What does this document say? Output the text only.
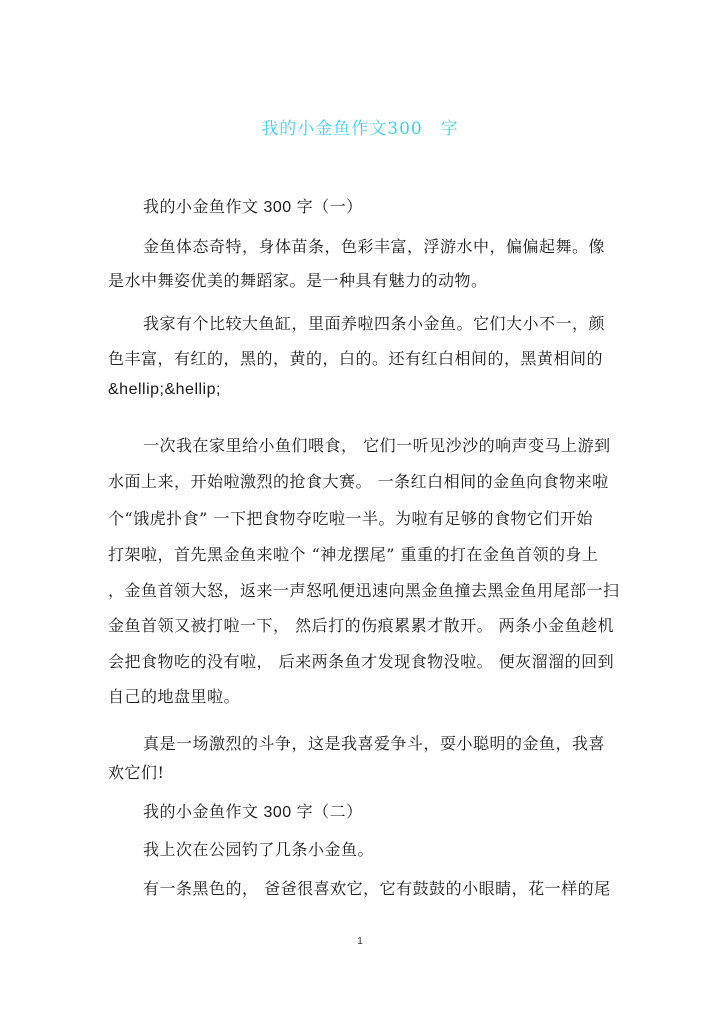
我的小金鱼作文300　字
我的小金鱼作文 300 字（一）
金鱼体态奇特，身体苗条，色彩丰富，浮游水中，偏偏起舞。像
是水中舞姿优美的舞蹈家。是一种具有魅力的动物。
我家有个比较大鱼缸，里面养啦四条小金鱼。它们大小不一，颜
色丰富，有红的，黑的，黄的，白的。还有红白相间的，黑黄相间的
&hellip;&hellip;
一次我在家里给小鱼们喂食， 它们一听见沙沙的响声变马上游到
水面上来，开始啦激烈的抢食大赛。 一条红白相间的金鱼向食物来啦
个“饿虎扑食” 一下把食物夺吃啦一半。为啦有足够的食物它们开始
打架啦，首先黑金鱼来啦个 “神龙摆尾” 重重的打在金鱼首领的身上
，金鱼首领大怒，返来一声怒吼便迅速向黑金鱼撞去黑金鱼用尾部一扫
金鱼首领又被打啦一下， 然后打的伤痕累累才散开。 两条小金鱼趁机
会把食物吃的没有啦， 后来两条鱼才发现食物没啦。 便灰溜溜的回到
自己的地盘里啦。
真是一场激烈的斗争，这是我喜爱争斗，耍小聪明的金鱼，我喜
欢它们!
我的小金鱼作文 300 字（二）
我上次在公园钓了几条小金鱼。
有一条黑色的， 爸爸很喜欢它，它有鼓鼓的小眼睛，花一样的尾
1
